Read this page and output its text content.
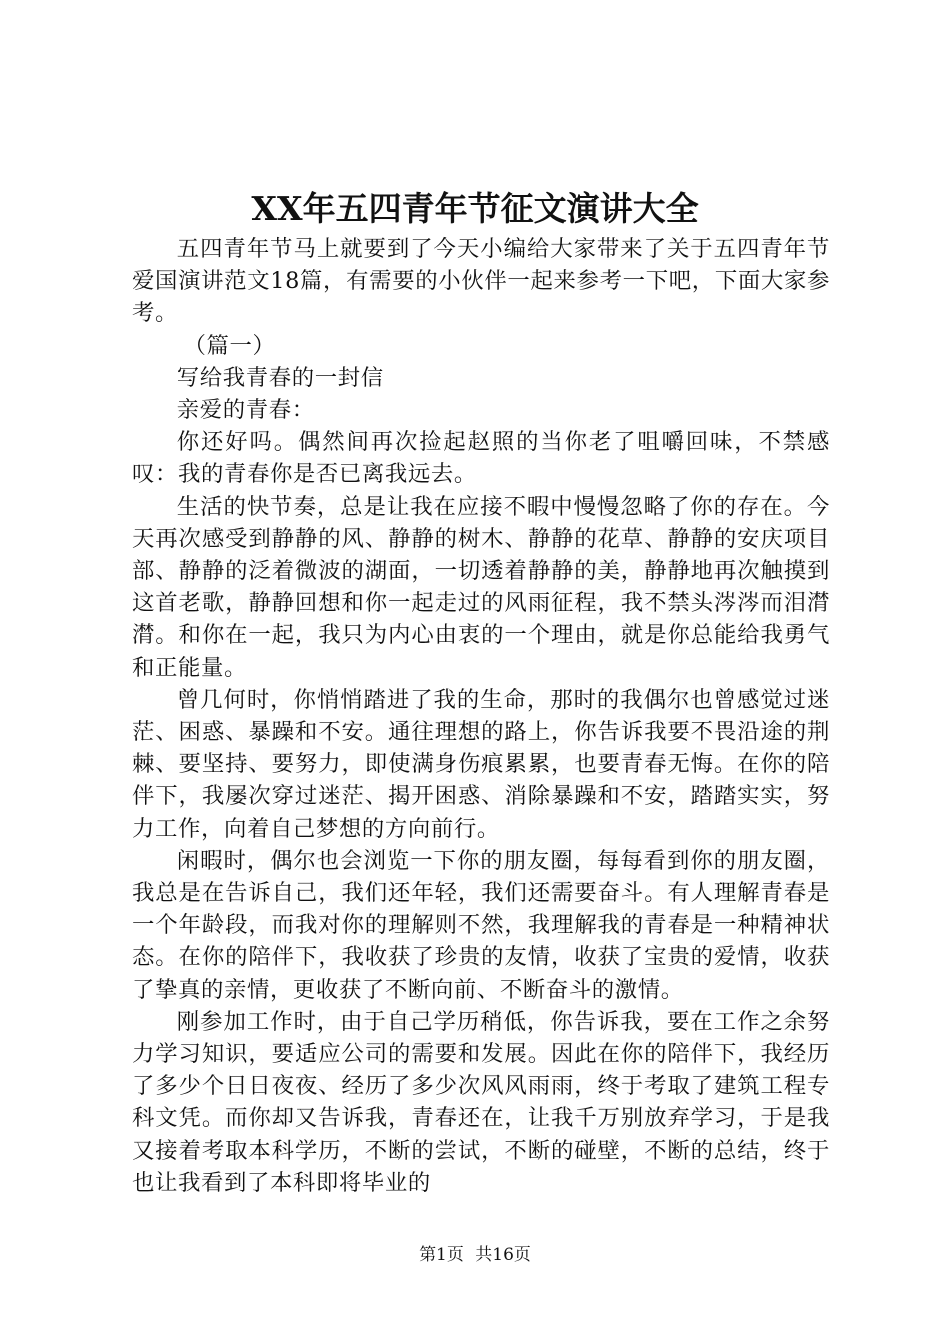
XX年五四青年节征文演讲大全

五四青年节马上就要到了今天小编给大家带来了关于五四青年节爱国演讲范文18篇，有需要的小伙伴一起来参考一下吧，下面大家参考。

（篇一）

写给我青春的一封信

亲爱的青春：

你还好吗。偶然间再次捡起赵照的当你老了咀嚼回味，不禁感叹：我的青春你是否已离我远去。

生活的快节奏，总是让我在应接不暇中慢慢忽略了你的存在。今天再次感受到静静的风、静静的树木、静静的花草、静静的安庆项目部、静静的泛着微波的湖面，一切透着静静的美，静静地再次触摸到这首老歌，静静回想和你一起走过的风雨征程，我不禁头涔涔而泪潸潸。和你在一起，我只为内心由衷的一个理由，就是你总能给我勇气和正能量。

曾几何时，你悄悄踏进了我的生命，那时的我偶尔也曾感觉过迷茫、困惑、暴躁和不安。通往理想的路上，你告诉我要不畏沿途的荆棘、要坚持、要努力，即使满身伤痕累累，也要青春无悔。在你的陪伴下，我屡次穿过迷茫、揭开困惑、消除暴躁和不安，踏踏实实，努力工作，向着自己梦想的方向前行。

闲暇时，偶尔也会浏览一下你的朋友圈，每每看到你的朋友圈，我总是在告诉自己，我们还年轻，我们还需要奋斗。有人理解青春是一个年龄段，而我对你的理解则不然，我理解我的青春是一种精神状态。在你的陪伴下，我收获了珍贵的友情，收获了宝贵的爱情，收获了挚真的亲情，更收获了不断向前、不断奋斗的激情。

刚参加工作时，由于自己学历稍低，你告诉我，要在工作之余努力学习知识，要适应公司的需要和发展。因此在你的陪伴下，我经历了多少个日日夜夜、经历了多少次风风雨雨，终于考取了建筑工程专科文凭。而你却又告诉我，青春还在，让我千万别放弃学习，于是我又接着考取本科学历，不断的尝试，不断的碰壁，不断的总结，终于也让我看到了本科即将毕业的

第1页 共16页
